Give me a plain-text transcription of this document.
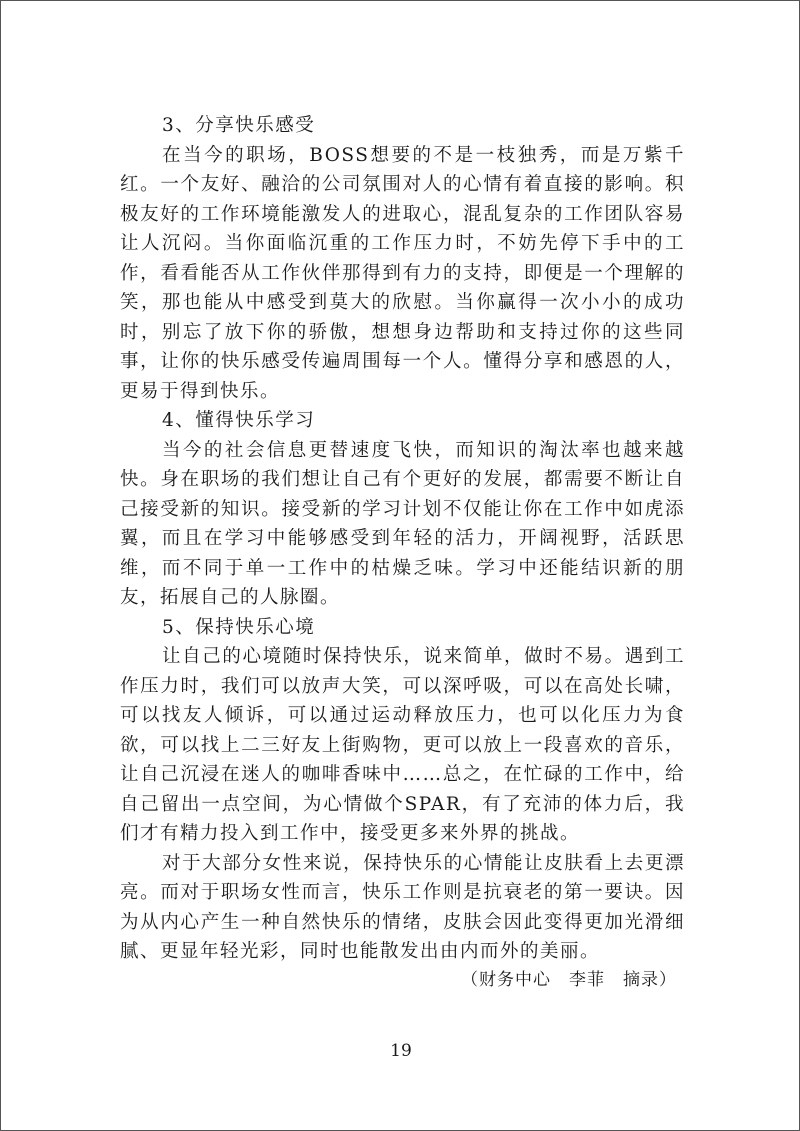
3、分享快乐感受

在当今的职场，BOSS想要的不是一枝独秀，而是万紫千红。一个友好、融洽的公司氛围对人的心情有着直接的影响。积极友好的工作环境能激发人的进取心，混乱复杂的工作团队容易让人沉闷。当你面临沉重的工作压力时，不妨先停下手中的工作，看看能否从工作伙伴那得到有力的支持，即便是一个理解的笑，那也能从中感受到莫大的欣慰。当你赢得一次小小的成功时，别忘了放下你的骄傲，想想身边帮助和支持过你的这些同事，让你的快乐感受传遍周围每一个人。懂得分享和感恩的人，更易于得到快乐。

4、懂得快乐学习

当今的社会信息更替速度飞快，而知识的淘汰率也越来越快。身在职场的我们想让自己有个更好的发展，都需要不断让自己接受新的知识。接受新的学习计划不仅能让你在工作中如虎添翼，而且在学习中能够感受到年轻的活力，开阔视野，活跃思维，而不同于单一工作中的枯燥乏味。学习中还能结识新的朋友，拓展自己的人脉圈。

5、保持快乐心境

让自己的心境随时保持快乐，说来简单，做时不易。遇到工作压力时，我们可以放声大笑，可以深呼吸，可以在高处长啸，可以找友人倾诉，可以通过运动释放压力，也可以化压力为食欲，可以找上二三好友上街购物，更可以放上一段喜欢的音乐，让自己沉浸在迷人的咖啡香味中……总之，在忙碌的工作中，给自己留出一点空间，为心情做个SPAR，有了充沛的体力后，我们才有精力投入到工作中，接受更多来外界的挑战。

对于大部分女性来说，保持快乐的心情能让皮肤看上去更漂亮。而对于职场女性而言，快乐工作则是抗衰老的第一要诀。因为从内心产生一种自然快乐的情绪，皮肤会因此变得更加光滑细腻、更显年轻光彩，同时也能散发出由内而外的美丽。

（财务中心　李菲　摘录）
19
